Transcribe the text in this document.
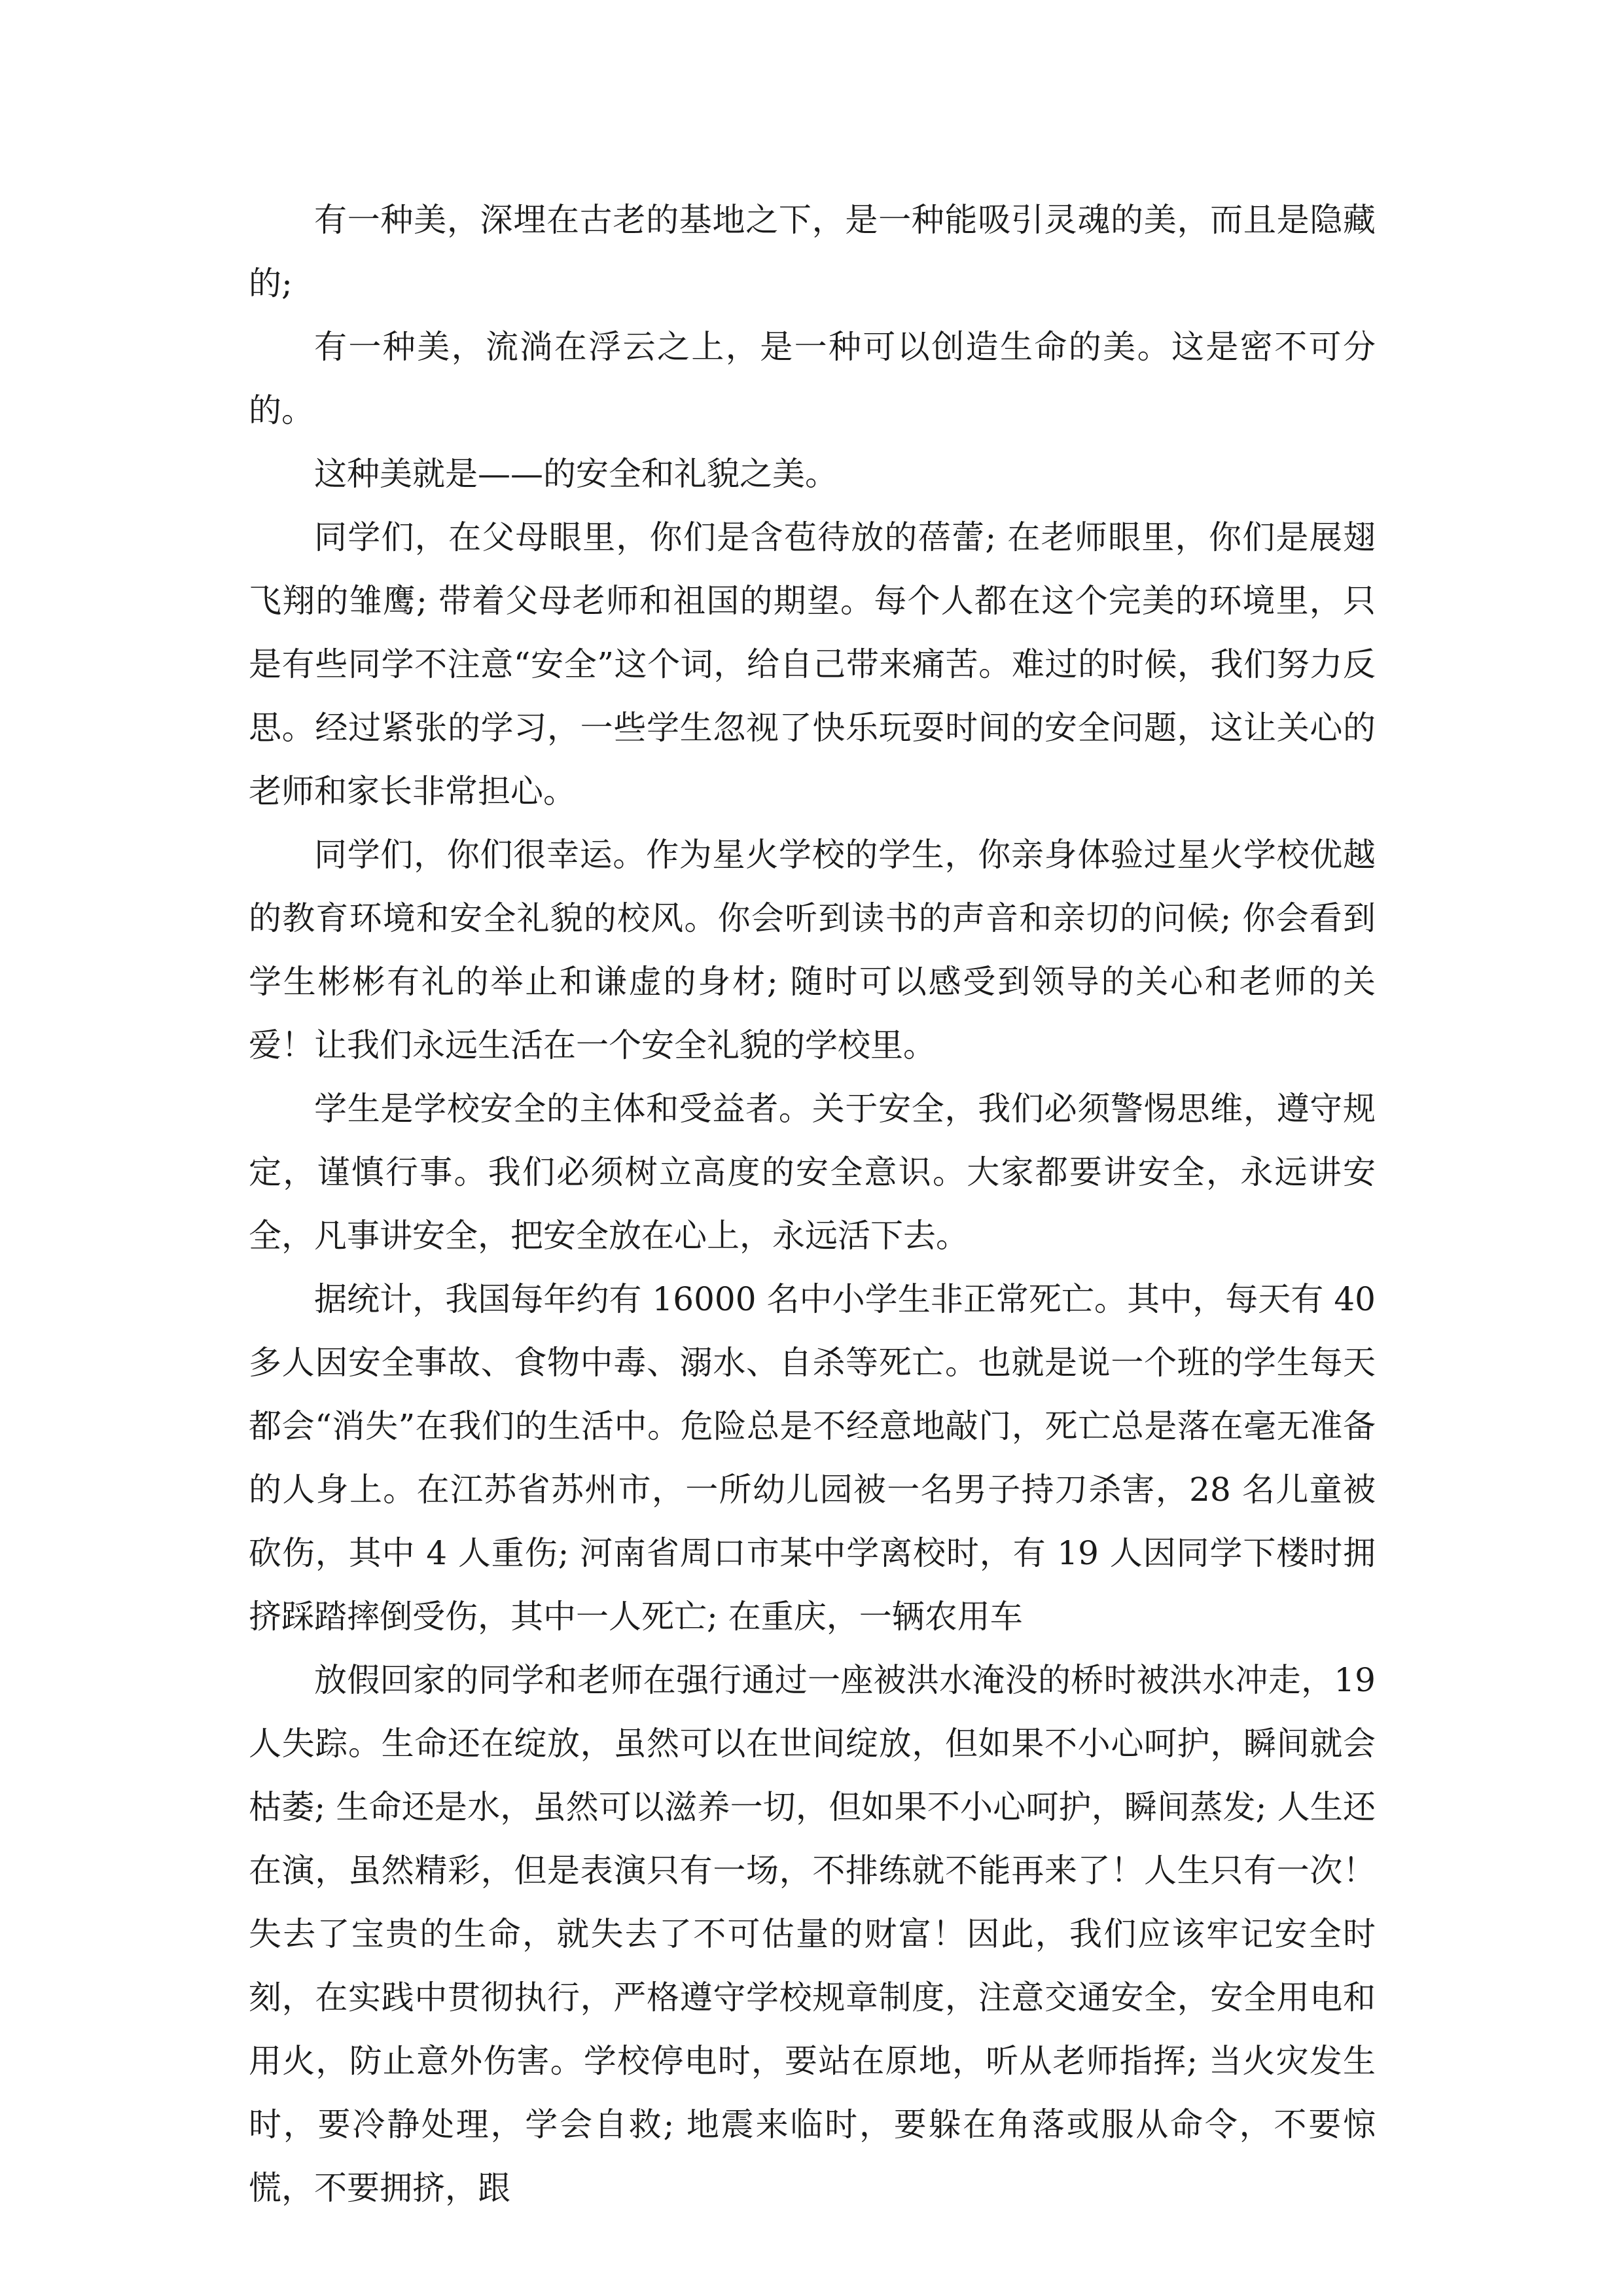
有一种美，深埋在古老的基地之下，是一种能吸引灵魂的美，而且是隐藏的;

有一种美，流淌在浮云之上，是一种可以创造生命的美。这是密不可分的。

这种美就是——的安全和礼貌之美。

同学们，在父母眼里，你们是含苞待放的蓓蕾; 在老师眼里，你们是展翅飞翔的雏鹰; 带着父母老师和祖国的期望。每个人都在这个完美的环境里，只是有些同学不注意“安全”这个词，给自己带来痛苦。难过的时候，我们努力反思。经过紧张的学习，一些学生忽视了快乐玩耍时间的安全问题，这让关心的老师和家长非常担心。

同学们，你们很幸运。作为星火学校的学生，你亲身体验过星火学校优越的教育环境和安全礼貌的校风。你会听到读书的声音和亲切的问候; 你会看到学生彬彬有礼的举止和谦虚的身材; 随时可以感受到领导的关心和老师的关爱！让我们永远生活在一个安全礼貌的学校里。

学生是学校安全的主体和受益者。关于安全，我们必须警惕思维，遵守规定，谨慎行事。我们必须树立高度的安全意识。大家都要讲安全，永远讲安全，凡事讲安全，把安全放在心上，永远活下去。

据统计，我国每年约有 16000 名中小学生非正常死亡。其中，每天有 40 多人因安全事故、食物中毒、溺水、自杀等死亡。也就是说一个班的学生每天都会“消失”在我们的生活中。危险总是不经意地敲门，死亡总是落在毫无准备的人身上。在江苏省苏州市，一所幼儿园被一名男子持刀杀害，28 名儿童被砍伤，其中 4 人重伤; 河南省周口市某中学离校时，有 19 人因同学下楼时拥挤踩踏摔倒受伤，其中一人死亡; 在重庆，一辆农用车

放假回家的同学和老师在强行通过一座被洪水淹没的桥时被洪水冲走，19 人失踪。生命还在绽放，虽然可以在世间绽放，但如果不小心呵护，瞬间就会枯萎; 生命还是水，虽然可以滋养一切，但如果不小心呵护，瞬间蒸发; 人生还在演，虽然精彩，但是表演只有一场，不排练就不能再来了！人生只有一次！失去了宝贵的生命，就失去了不可估量的财富！因此，我们应该牢记安全时刻，在实践中贯彻执行，严格遵守学校规章制度，注意交通安全，安全用电和用火，防止意外伤害。学校停电时，要站在原地，听从老师指挥; 当火灾发生时，要冷静处理，学会自救; 地震来临时，要躲在角落或服从命令，不要惊慌，不要拥挤，跟
